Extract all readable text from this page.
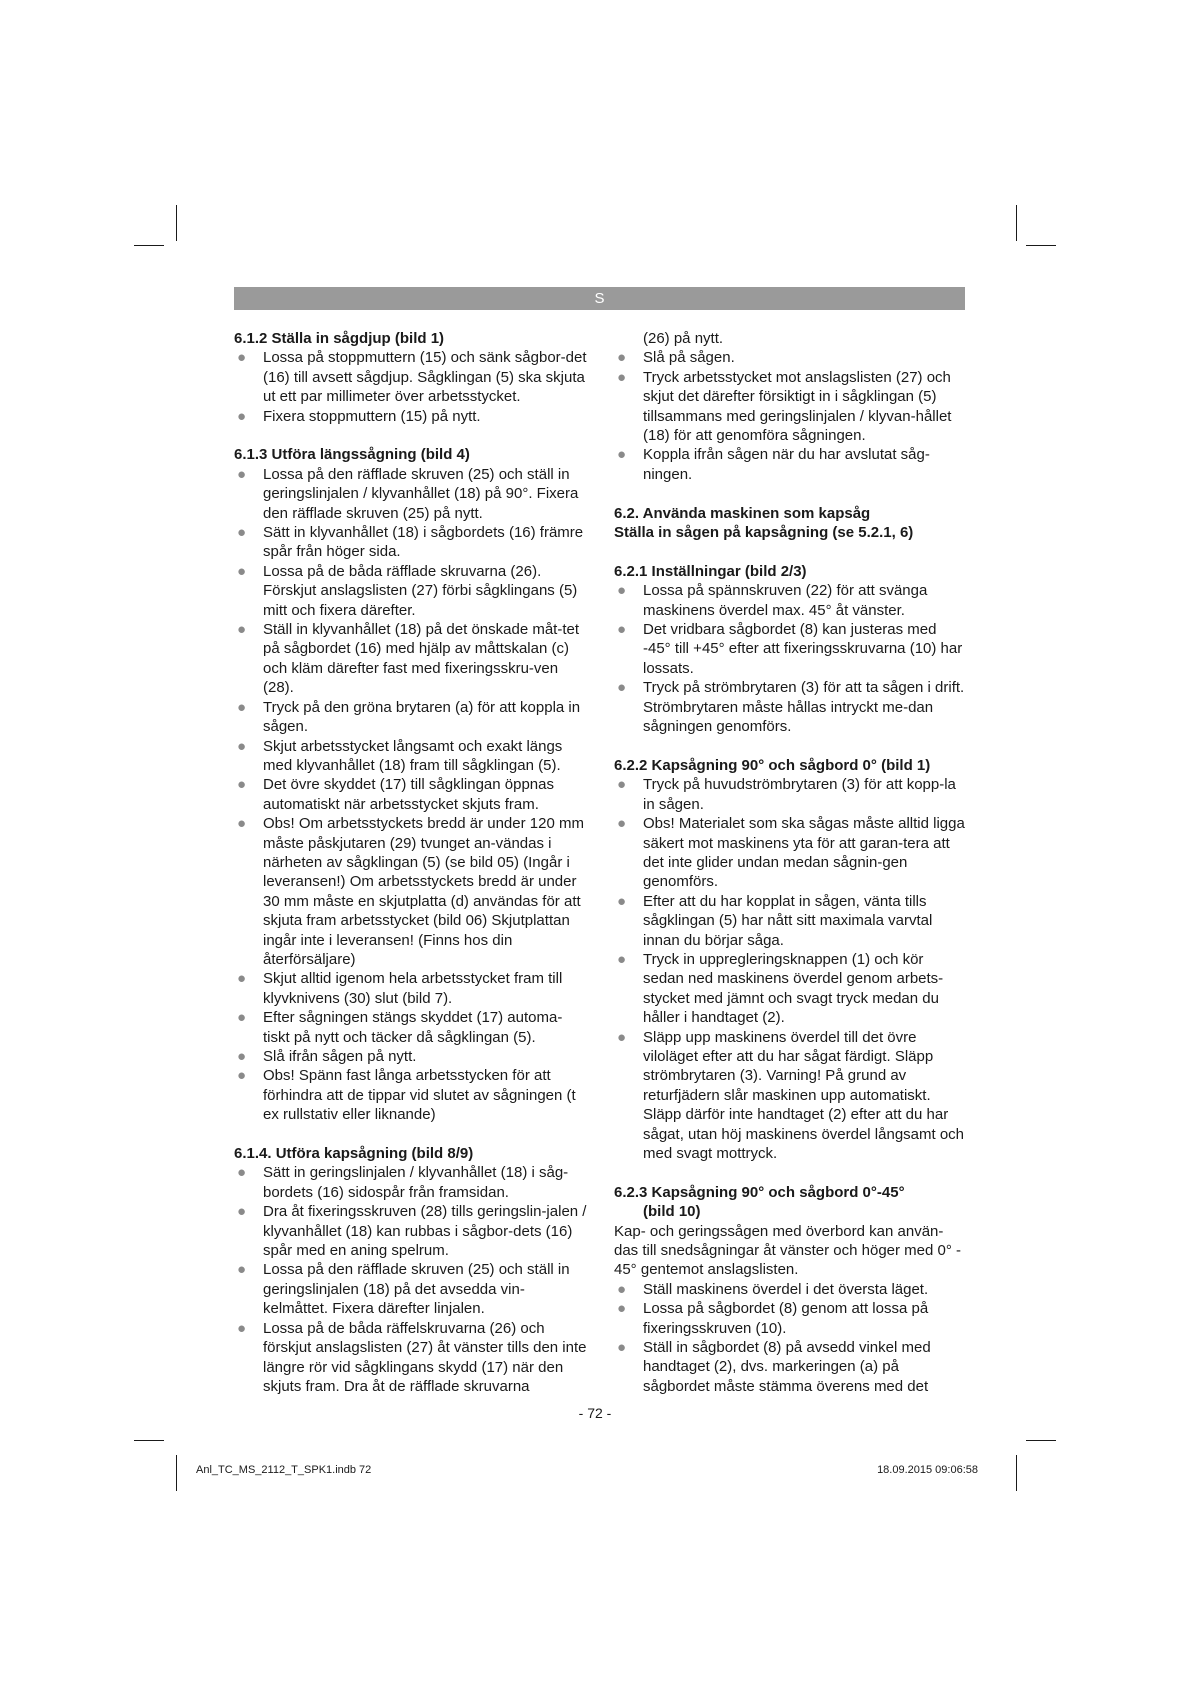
S
6.1.2 Ställa in sågdjup (bild 1)
● Lossa på stoppmuttern (15) och sänk sågbor-det (16) till avsett sågdjup. Sågklingan (5) ska skjuta ut ett par millimeter över arbetsstycket.
● Fixera stoppmuttern (15) på nytt.
6.1.3 Utföra längssågning (bild 4)
● Lossa på den räfflade skruven (25) och ställ in geringslinjalen / klyvanhållet (18) på 90°. Fixera den räfflade skruven (25) på nytt.
● Sätt in klyvanhållet (18) i sågbordets (16) främre spår från höger sida.
● Lossa på de båda räfflade skruvarna (26). Förskjut anslagslisten (27) förbi sågklingans (5) mitt och fixera därefter.
● Ställ in klyvanhållet (18) på det önskade måt-tet på sågbordet (16) med hjälp av måttskalan (c) och kläm därefter fast med fixeringsskru-ven (28).
● Tryck på den gröna brytaren (a) för att koppla in sågen.
● Skjut arbetsstycket långsamt och exakt längs med klyvanhållet (18) fram till sågklingan (5).
● Det övre skyddet (17) till sågklingan öppnas automatiskt när arbetsstycket skjuts fram.
● Obs! Om arbetsstyckets bredd är under 120 mm måste påskjutaren (29) tvunget an-vändas i närheten av sågklingan (5) (se bild 05) (Ingår i leveransen!) Om arbetsstyckets bredd är under 30 mm måste en skjutplatta (d) användas för att skjuta fram arbetsstycket (bild 06) Skjutplattan ingår inte i leveransen! (Finns hos din återförsäljare)
● Skjut alltid igenom hela arbetsstycket fram till klyvknivens (30) slut (bild 7).
● Efter sågningen stängs skyddet (17) automa-tiskt på nytt och täcker då sågklingan (5).
● Slå ifrån sågen på nytt.
● Obs! Spänn fast långa arbetsstycken för att förhindra att de tippar vid slutet av sågningen (t ex rullstativ eller liknande)
6.1.4. Utföra kapsågning (bild 8/9)
● Sätt in geringslinjalen / klyvanhållet (18) i såg-bordets (16) sidospår från framsidan.
● Dra åt fixeringsskruven (28) tills geringslin-jalen / klyvanhållet (18) kan rubbas i sågbor-dets (16) spår med en aning spelrum.
● Lossa på den räfflade skruven (25) och ställ in geringslinjalen (18) på det avsedda vin-kelmåttet. Fixera därefter linjalen.
● Lossa på de båda räffelskruvarna (26) och förskjut anslagslisten (27) åt vänster tills den inte längre rör vid sågklingans skydd (17) när den skjuts fram. Dra åt de räfflade skruvarna

(26) på nytt.

● Slå på sågen.
● Tryck arbetsstycket mot anslagslisten (27) och skjut det därefter försiktigt in i sågklingan (5) tillsammans med geringslinjalen / klyvan-hållet (18) för att genomföra sågningen.
● Koppla ifrån sågen när du har avslutat såg-ningen.
6.2. Använda maskinen som kapsåg
Ställa in sågen på kapsågning (se 5.2.1, 6)
6.2.1 Inställningar (bild 2/3)
● Lossa på spännskruven (22) för att svänga maskinens överdel max. 45° åt vänster.
● Det vridbara sågbordet (8) kan justeras med -45° till +45° efter att fixeringsskruvarna (10) har lossats.
● Tryck på strömbrytaren (3) för att ta sågen i drift. Strömbrytaren måste hållas intryckt me-dan sågningen genomförs.
6.2.2 Kapsågning 90° och sågbord 0° (bild 1)
● Tryck på huvudströmbrytaren (3) för att kopp-la in sågen.
● Obs! Materialet som ska sågas måste alltid ligga säkert mot maskinens yta för att garan-tera att det inte glider undan medan sågnin-gen genomförs.
● Efter att du har kopplat in sågen, vänta tills sågklingan (5) har nått sitt maximala varvtal innan du börjar såga.
● Tryck in uppregleringsknappen (1) och kör sedan ned maskinens överdel genom arbets-stycket med jämnt och svagt tryck medan du håller i handtaget (2).
● Släpp upp maskinens överdel till det övre viloläget efter att du har sågat färdigt. Släpp strömbrytaren (3). Varning! På grund av returfjädern slår maskinen upp automatiskt. Släpp därför inte handtaget (2) efter att du har sågat, utan höj maskinens överdel långsamt och med svagt mottryck.
6.2.3 Kapsågning 90° och sågbord 0°-45°
(bild 10)

Kap- och geringssågen med överbord kan använ-das till snedsågningar åt vänster och höger med 0° - 45° gentemot anslagslisten.

● Ställ maskinens överdel i det översta läget.
● Lossa på sågbordet (8) genom att lossa på fixeringsskruven (10).
● Ställ in sågbordet (8) på avsedd vinkel med handtaget (2), dvs. markeringen (a) på sågbordet måste stämma överens med det
- 72 -
Anl_TC_MS_2112_T_SPK1.indb 72	18.09.2015 09:06:58
